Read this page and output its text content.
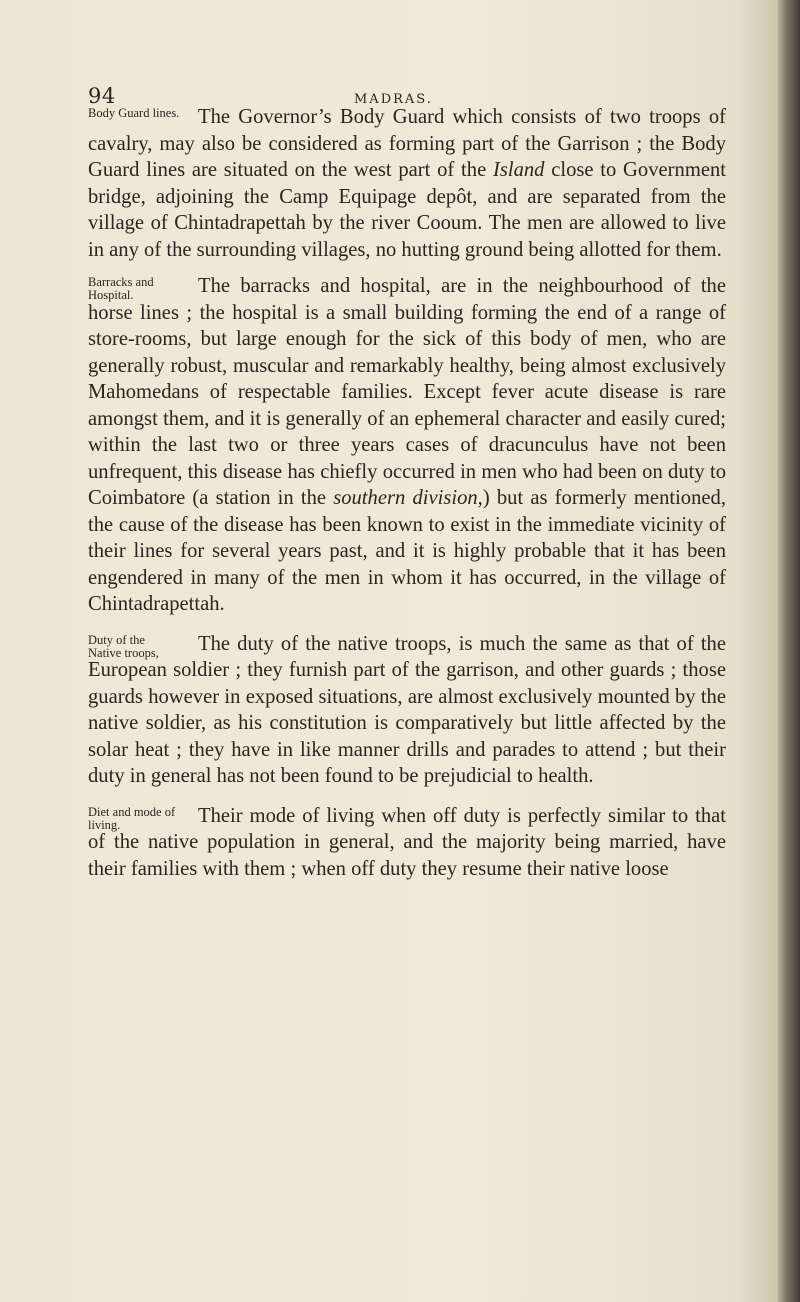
94	MADRAS.

Body Guard lines. The Governor’s Body Guard which consists of two troops of cavalry, may also be considered as forming part of the Garrison ; the Body Guard lines are situated on the west part of the Island close to Government bridge, adjoining the Camp Equipage depôt, and are separated from the village of Chintadrapettah by the river Cooum. The men are allowed to live in any of the surrounding villages, no hutting ground being allotted for them.

Barracks and Hospital.	The barracks and hospital, are in the neighbourhood of the horse lines ; the hospital is a small building forming the end of a range of store-rooms, but large enough for the sick of this body of men, who are generally robust, muscular and remarkably healthy, being almost exclusively Mahomedans of respectable families. Except fever acute disease is rare amongst them, and it is generally of an ephemeral character and easily cured; within the last two or three years cases of dracunculus have not been unfrequent, this disease has chiefly occurred in men who had been on duty to Coimbatore (a station in the southern division,) but as formerly mentioned, the cause of the disease has been known to exist in the immediate vicinity of their lines for several years past, and it is highly probable that it has been engendered in many of the men in whom it has occurred, in the village of Chintadrapettah.

Duty of the Native troops,	The duty of the native troops, is much the same as that of the European soldier ; they furnish part of the garrison, and other guards ; those guards however in exposed situations, are almost exclusively mounted by the native soldier, as his constitution is comparatively but little affected by the solar heat ; they have in like manner drills and parades to attend ; but their duty in general has not been found to be prejudicial to health.

Diet and mode of living.	Their mode of living when off duty is perfectly similar to that of the native population in general, and the majority being married, have their families with them ; when off duty they resume their native loose
